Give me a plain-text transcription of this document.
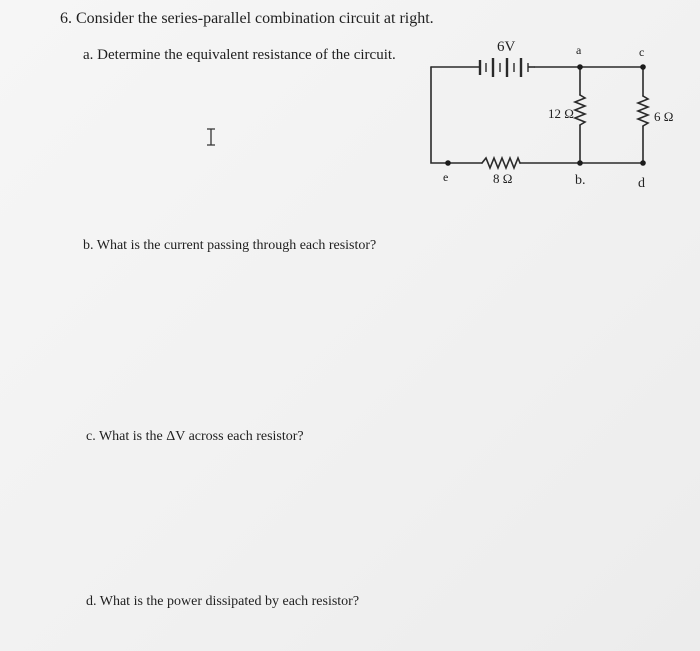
6. Consider the series-parallel combination circuit at right.

a. Determine the equivalent resistance of the circuit.

b. What is the current passing through each resistor?

c. What is the ΔV across each resistor?

d. What is the power dissipated by each resistor?

6V
12 Ω	6 Ω
8 Ω
a	c
b.	d
e
